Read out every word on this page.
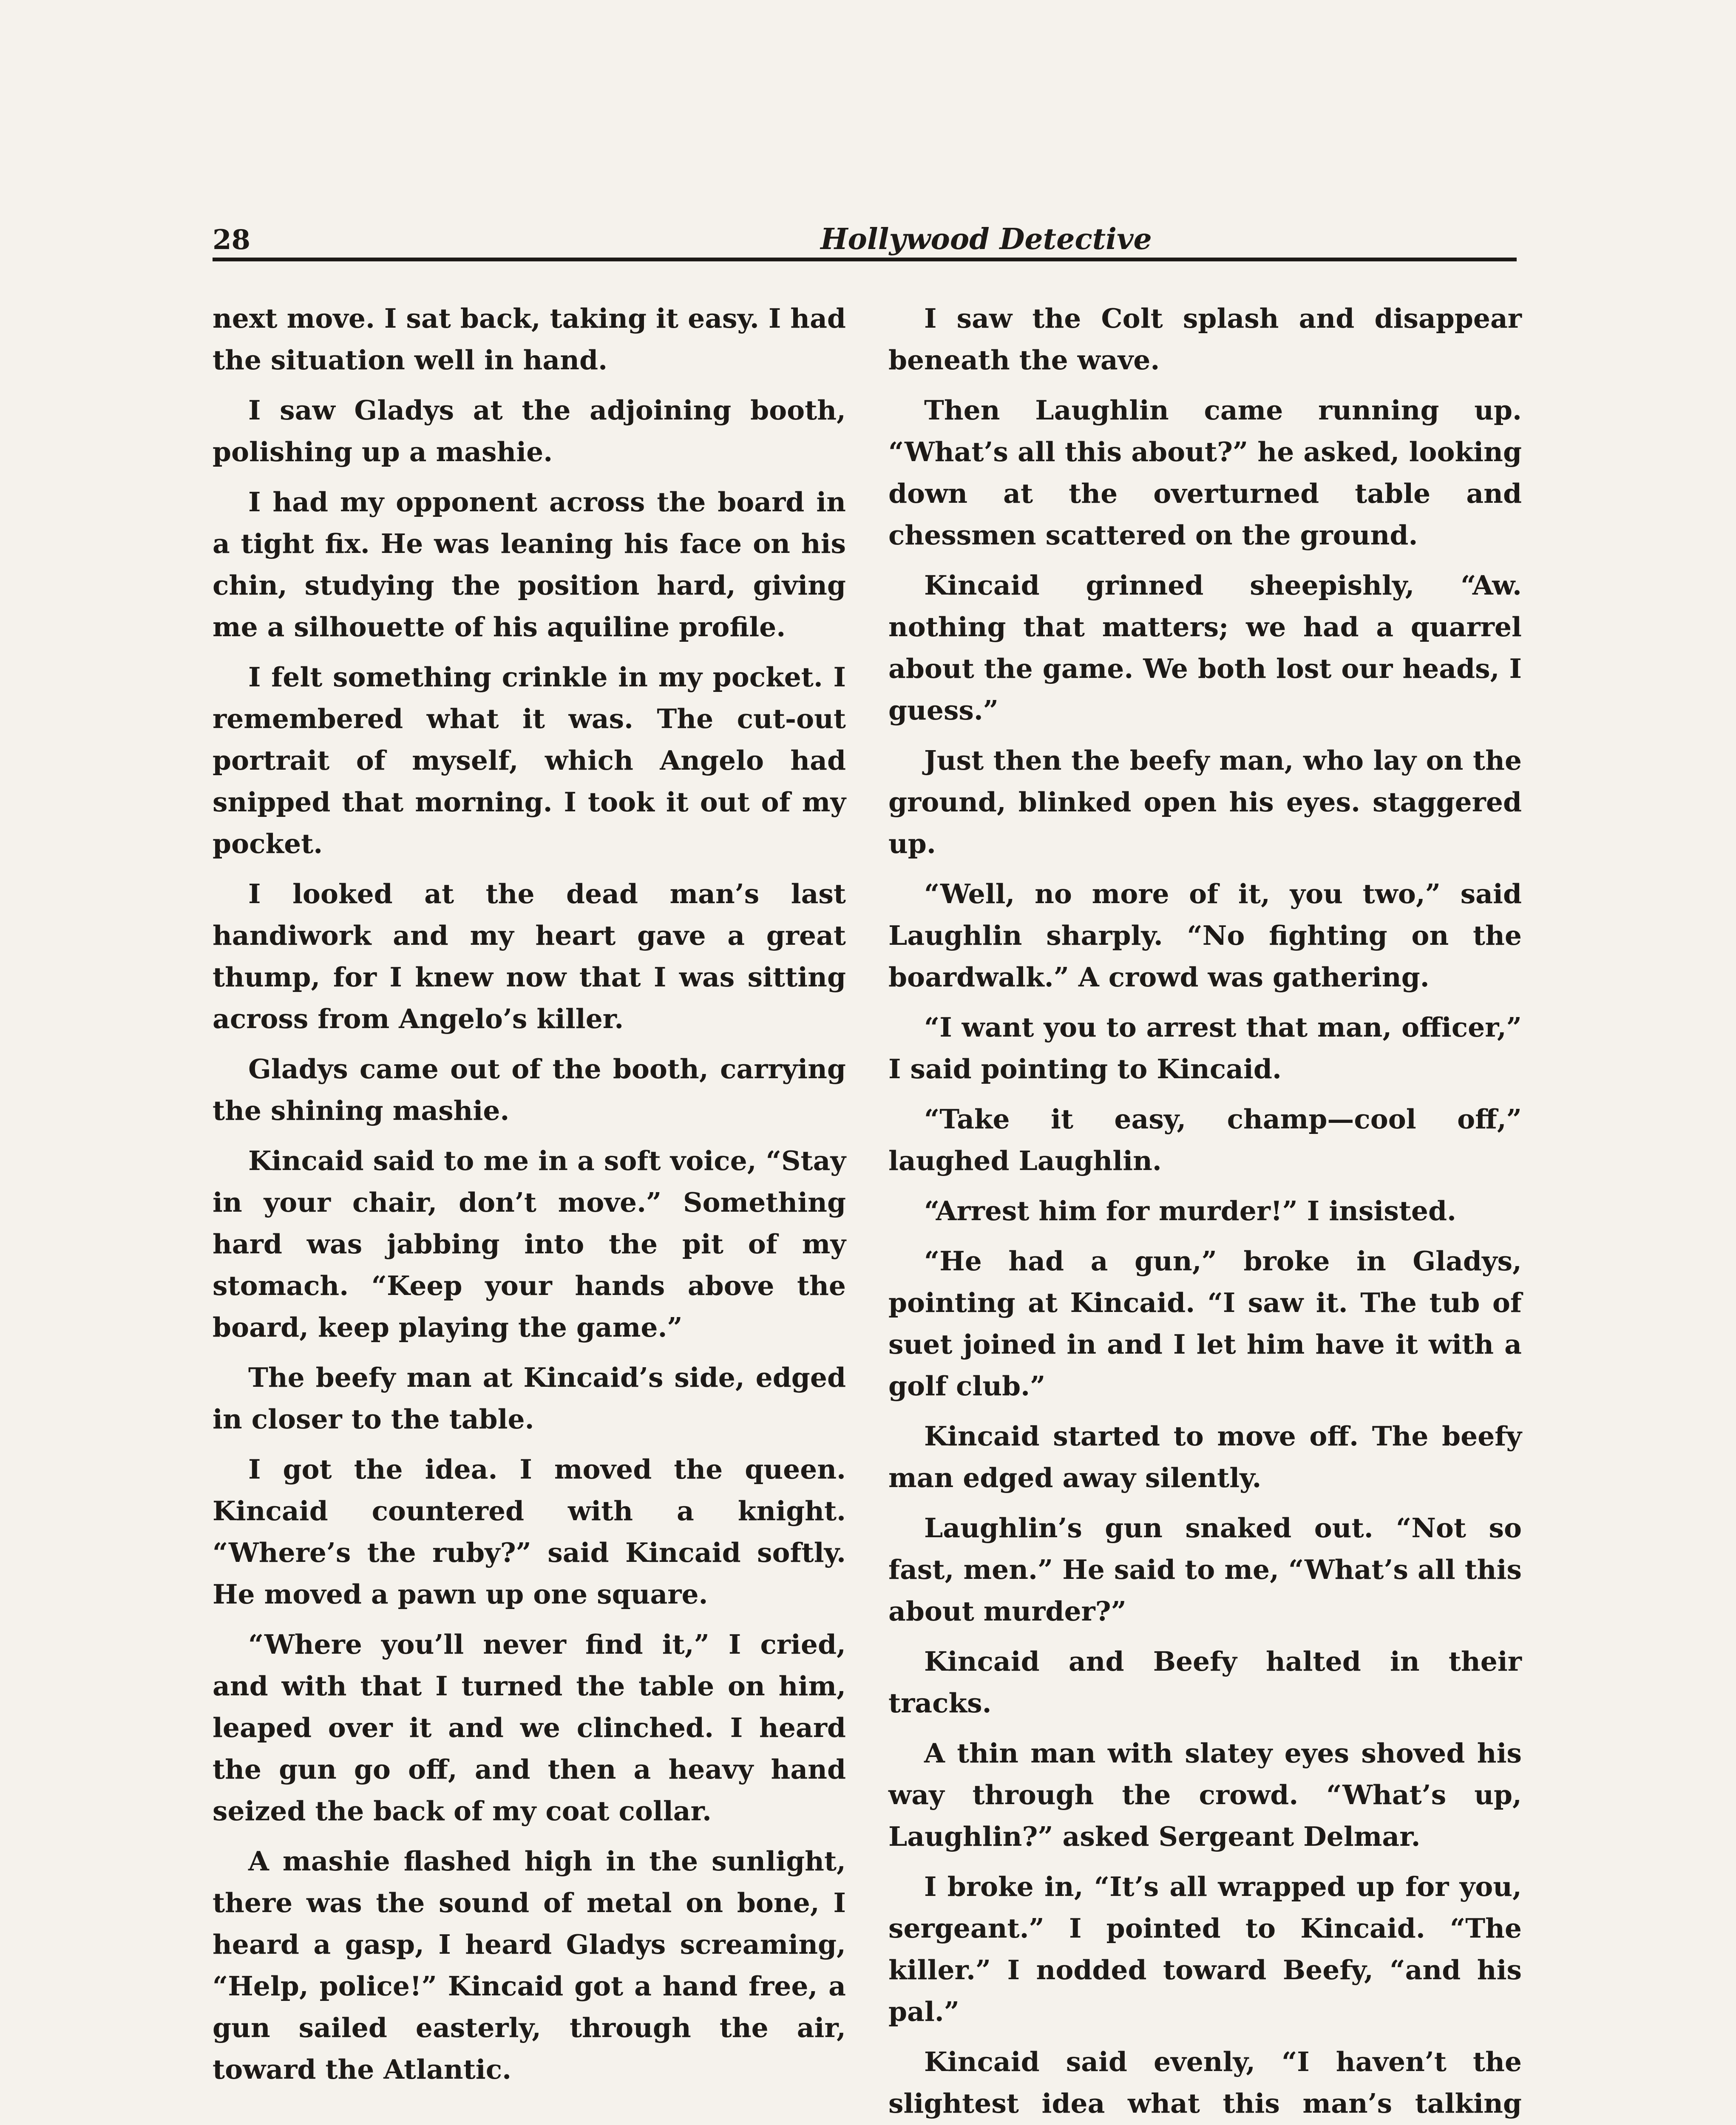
28	Hollywood Detective

next move. I sat back, taking it easy. I had the situation well in hand.

I saw Gladys at the adjoining booth, polishing up a mashie.

I had my opponent across the board in a tight fix. He was leaning his face on his chin, studying the position hard, giving me a silhouette of his aquiline profile.

I felt something crinkle in my pocket. I remembered what it was. The cut-out portrait of myself, which Angelo had snipped that morning. I took it out of my pocket.

I looked at the dead man’s last handiwork and my heart gave a great thump, for I knew now that I was sitting across from Angelo’s killer.

Gladys came out of the booth, carrying the shining mashie.

Kincaid said to me in a soft voice, “Stay in your chair, don’t move.” Something hard was jabbing into the pit of my stomach. “Keep your hands above the board, keep playing the game.”

The beefy man at Kincaid’s side, edged in closer to the table.

I got the idea. I moved the queen. Kincaid countered with a knight. “Where’s the ruby?” said Kincaid softly. He moved a pawn up one square.

“Where you’ll never find it,” I cried, and with that I turned the table on him, leaped over it and we clinched. I heard the gun go off, and then a heavy hand seized the back of my coat collar.

A mashie flashed high in the sunlight, there was the sound of metal on bone, I heard a gasp, I heard Gladys screaming, “Help, police!” Kincaid got a hand free, a gun sailed easterly, through the air, toward the Atlantic.

I saw the Colt splash and disappear beneath the wave.

Then Laughlin came running up. “What’s all this about?” he asked, looking down at the overturned table and chessmen scattered on the ground.

Kincaid grinned sheepishly, “Aw. nothing that matters; we had a quarrel about the game. We both lost our heads, I guess.”

Just then the beefy man, who lay on the ground, blinked open his eyes. staggered up.

“Well, no more of it, you two,” said Laughlin sharply. “No fighting on the boardwalk.” A crowd was gathering.

“I want you to arrest that man, officer,” I said pointing to Kincaid.

“Take it easy, champ—cool off,” laughed Laughlin.

“Arrest him for murder!” I insisted.

“He had a gun,” broke in Gladys, pointing at Kincaid. “I saw it. The tub of suet joined in and I let him have it with a golf club.”

Kincaid started to move off. The beefy man edged away silently.

Laughlin’s gun snaked out. “Not so fast, men.” He said to me, “What’s all this about murder?”

Kincaid and Beefy halted in their tracks.

A thin man with slatey eyes shoved his way through the crowd. “What’s up, Laughlin?” asked Sergeant Delmar.

I broke in, “It’s all wrapped up for you, sergeant.” I pointed to Kincaid. “The killer.” I nodded toward Beefy, “and his pal.”

Kincaid said evenly, “I haven’t the slightest idea what this man’s talking
